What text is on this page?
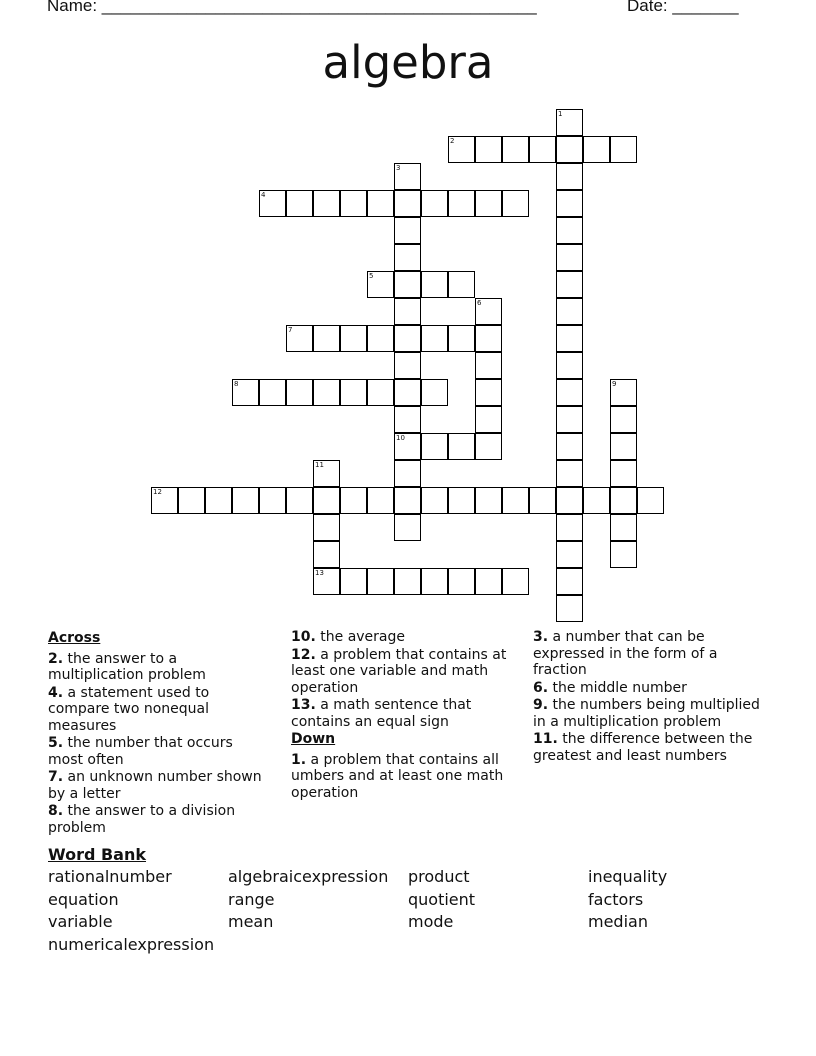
Name: ______________________________________________	Date: _______
algebra
1
2
3
10
4
5
6
7
8	9
11
13
12
Across
2. the answer to a multiplication problem
4. a statement used to compare two nonequal measures
5. the number that occurs most often
7. an unknown number shown by a letter
8. the answer to a division problem
10. the average
12. a problem that contains at least one variable and math operation
13. a math sentence that contains an equal sign
Down
1. a problem that contains all umbers and at least one math operation
3. a number that can be expressed in the form of a fraction
6. the middle number
9. the numbers being multiplied in a multiplication problem
11. the difference between the greatest and least numbers
Word Bank
rationalnumber	algebraicexpression	product	inequality
equation	range	quotient	factors
variable	mean	mode	median
numericalexpression
